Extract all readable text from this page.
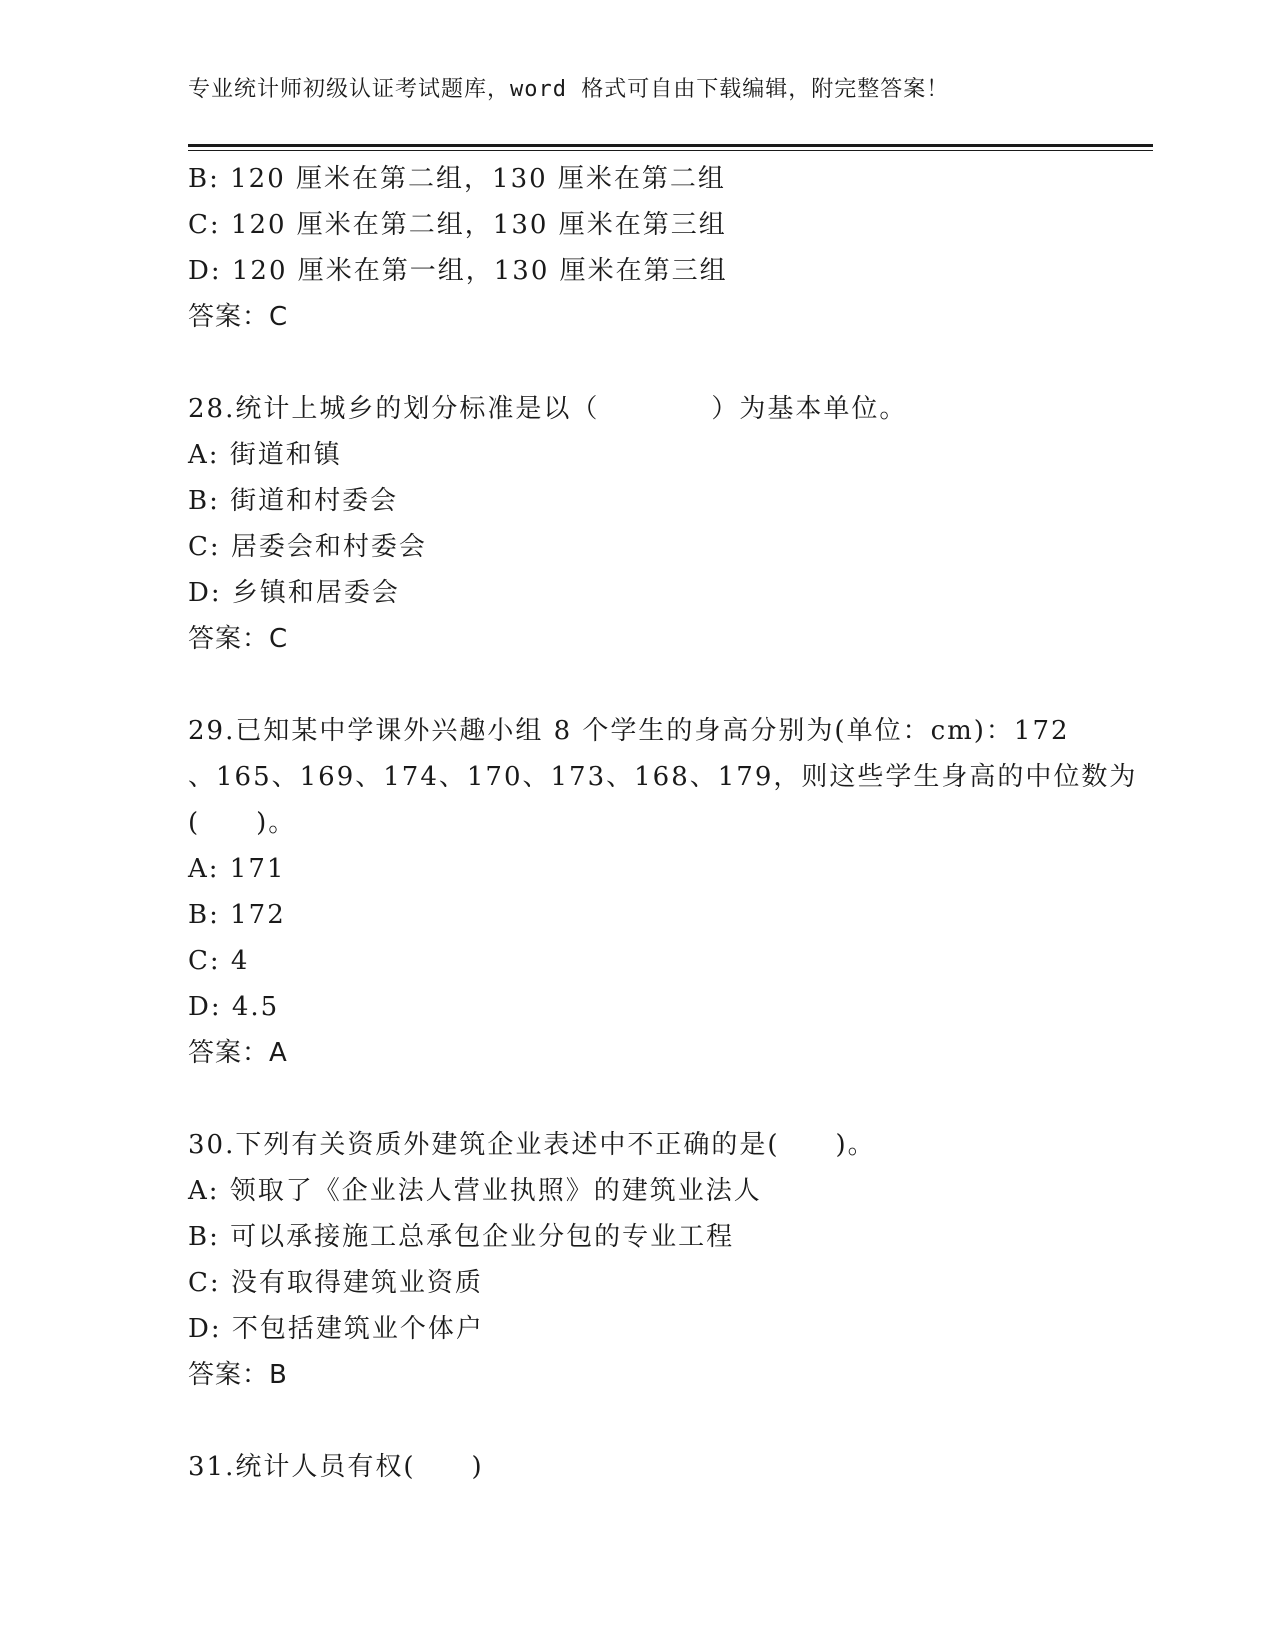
专业统计师初级认证考试题库，word 格式可自由下载编辑，附完整答案！
B: 120 厘米在第二组，130 厘米在第二组
C: 120 厘米在第二组，130 厘米在第三组
D: 120 厘米在第一组，130 厘米在第三组
答案：C
28.统计上城乡的划分标准是以（　　　　）为基本单位。
A: 街道和镇
B: 街道和村委会
C: 居委会和村委会
D: 乡镇和居委会
答案：C
29.已知某中学课外兴趣小组 8 个学生的身高分别为(单位：cm)：172
、165、169、174、170、173、168、179，则这些学生身高的中位数为
(　　)。
A: 171
B: 172
C: 4
D: 4.5
答案：A
30.下列有关资质外建筑企业表述中不正确的是(　　)。
A: 领取了《企业法人营业执照》的建筑业法人
B: 可以承接施工总承包企业分包的专业工程
C: 没有取得建筑业资质
D: 不包括建筑业个体户
答案：B
31.统计人员有权(　　)
